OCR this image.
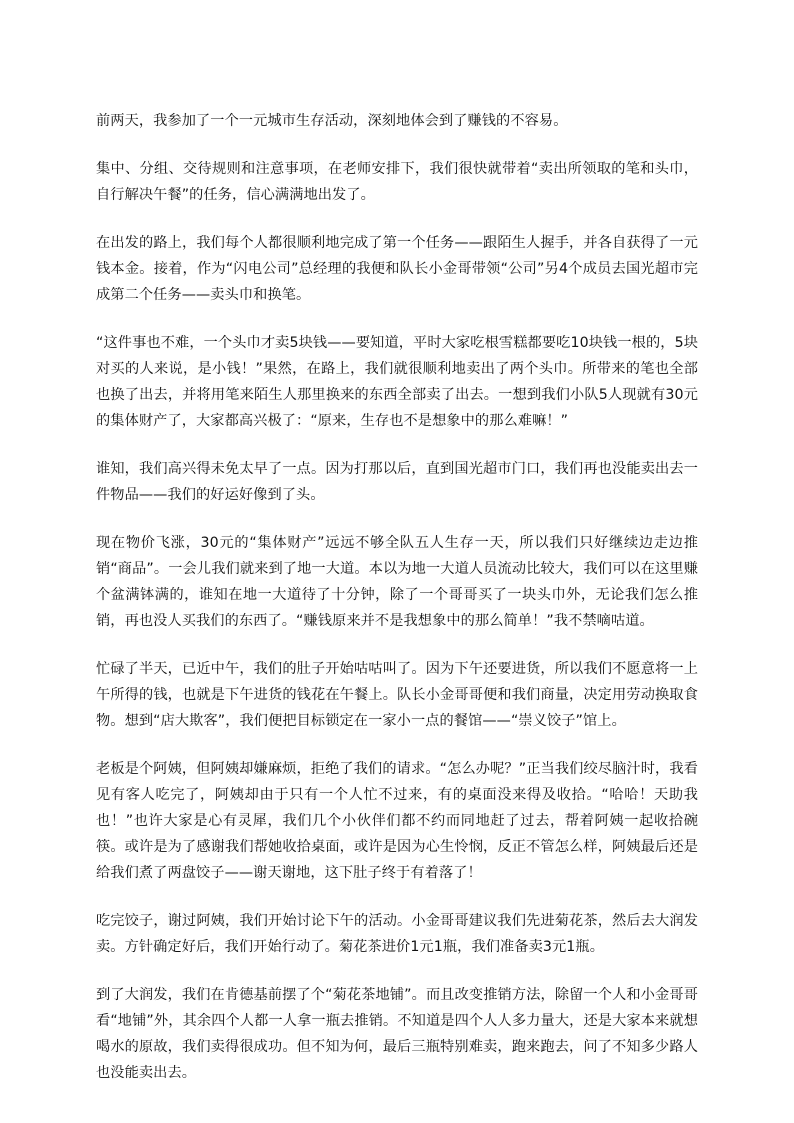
前两天，我参加了一个一元城市生存活动，深刻地体会到了赚钱的不容易。

集中、分组、交待规则和注意事项，在老师安排下，我们很快就带着“卖出所领取的笔和头巾，自行解决午餐”的任务，信心满满地出发了。

在出发的路上，我们每个人都很顺利地完成了第一个任务——跟陌生人握手，并各自获得了一元钱本金。接着，作为“闪电公司”总经理的我便和队长小金哥带领“公司”另4个成员去国光超市完成第二个任务——卖头巾和换笔。

“这件事也不难，一个头巾才卖5块钱——要知道，平时大家吃根雪糕都要吃10块钱一根的，5块对买的人来说，是小钱！”果然，在路上，我们就很顺利地卖出了两个头巾。所带来的笔也全部也换了出去，并将用笔来陌生人那里换来的东西全部卖了出去。一想到我们小队5人现就有30元的集体财产了，大家都高兴极了：“原来，生存也不是想象中的那么难嘛！”

谁知，我们高兴得未免太早了一点。因为打那以后，直到国光超市门口，我们再也没能卖出去一件物品——我们的好运好像到了头。

现在物价飞涨，30元的“集体财产”远远不够全队五人生存一天，所以我们只好继续边走边推销“商品”。一会儿我们就来到了地一大道。本以为地一大道人员流动比较大，我们可以在这里赚个盆满钵满的，谁知在地一大道待了十分钟，除了一个哥哥买了一块头巾外，无论我们怎么推销，再也没人买我们的东西了。“赚钱原来并不是我想象中的那么简单！”我不禁嘀咕道。

忙碌了半天，已近中午，我们的肚子开始咕咕叫了。因为下午还要进货，所以我们不愿意将一上午所得的钱，也就是下午进货的钱花在午餐上。队长小金哥哥便和我们商量，决定用劳动换取食物。想到“店大欺客”，我们便把目标锁定在一家小一点的餐馆——“崇义饺子”馆上。

老板是个阿姨，但阿姨却嫌麻烦，拒绝了我们的请求。“怎么办呢？”正当我们绞尽脑汁时，我看见有客人吃完了，阿姨却由于只有一个人忙不过来，有的桌面没来得及收拾。“哈哈！天助我也！”也许大家是心有灵犀，我们几个小伙伴们都不约而同地赶了过去，帮着阿姨一起收拾碗筷。或许是为了感谢我们帮她收拾桌面，或许是因为心生怜悯，反正不管怎么样，阿姨最后还是给我们煮了两盘饺子——谢天谢地，这下肚子终于有着落了！

吃完饺子，谢过阿姨，我们开始讨论下午的活动。小金哥哥建议我们先进菊花茶，然后去大润发卖。方针确定好后，我们开始行动了。菊花茶进价1元1瓶，我们准备卖3元1瓶。

到了大润发，我们在肯德基前摆了个“菊花茶地铺”。而且改变推销方法，除留一个人和小金哥哥看“地铺”外，其余四个人都一人拿一瓶去推销。不知道是四个人人多力量大，还是大家本来就想喝水的原故，我们卖得很成功。但不知为何，最后三瓶特别难卖，跑来跑去，问了不知多少路人也没能卖出去。
